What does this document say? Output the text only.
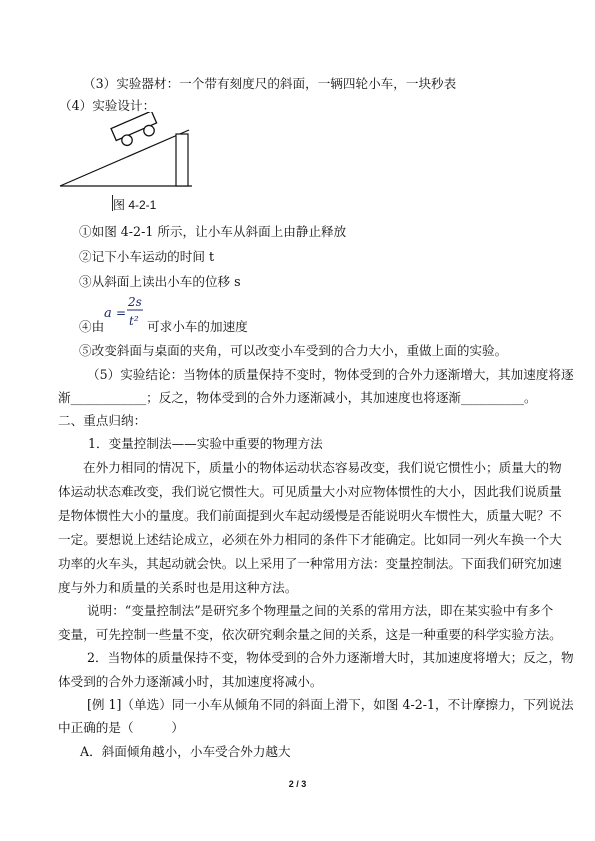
（3）实验器材：一个带有刻度尺的斜面，一辆四轮小车，一块秒表
（4）实验设计：
图 4-2-1
①如图 4-2-1 所示，让小车从斜面上由静止释放
②记下小车运动的时间 t
③从斜面上读出小车的位移 s
a =
2s
t²
④由	可求小车的加速度
⑤改变斜面与桌面的夹角，可以改变小车受到的合力大小，重做上面的实验。
（5）实验结论：当物体的质量保持不变时，物体受到的合外力逐渐增大，其加速度将逐
渐____________；反之，物体受到的合外力逐渐减小，其加速度也将逐渐__________。
二、重点归纳：
1．变量控制法——实验中重要的物理方法
在外力相同的情况下，质量小的物体运动状态容易改变，我们说它惯性小；质量大的物
体运动状态难改变，我们说它惯性大。可见质量大小对应物体惯性的大小，因此我们说质量
是物体惯性大小的量度。我们前面提到火车起动缓慢是否能说明火车惯性大，质量大呢？不
一定。要想说上述结论成立，必须在外力相同的条件下才能确定。比如同一列火车换一个大
功率的火车头，其起动就会快。以上采用了一种常用方法：变量控制法。下面我们研究加速
度与外力和质量的关系时也是用这种方法。
说明：“变量控制法”是研究多个物理量之间的关系的常用方法，即在某实验中有多个
变量，可先控制一些量不变，依次研究剩余量之间的关系，这是一种重要的科学实验方法。
2．当物体的质量保持不变，物体受到的合外力逐渐增大时，其加速度将增大；反之，物
体受到的合外力逐渐减小时，其加速度将减小。
[例 1]（单选）同一小车从倾角不同的斜面上滑下，如图 4-2-1，不计摩擦力，下列说法
中正确的是（　　　）
A．斜面倾角越小，小车受合外力越大
2 / 3
